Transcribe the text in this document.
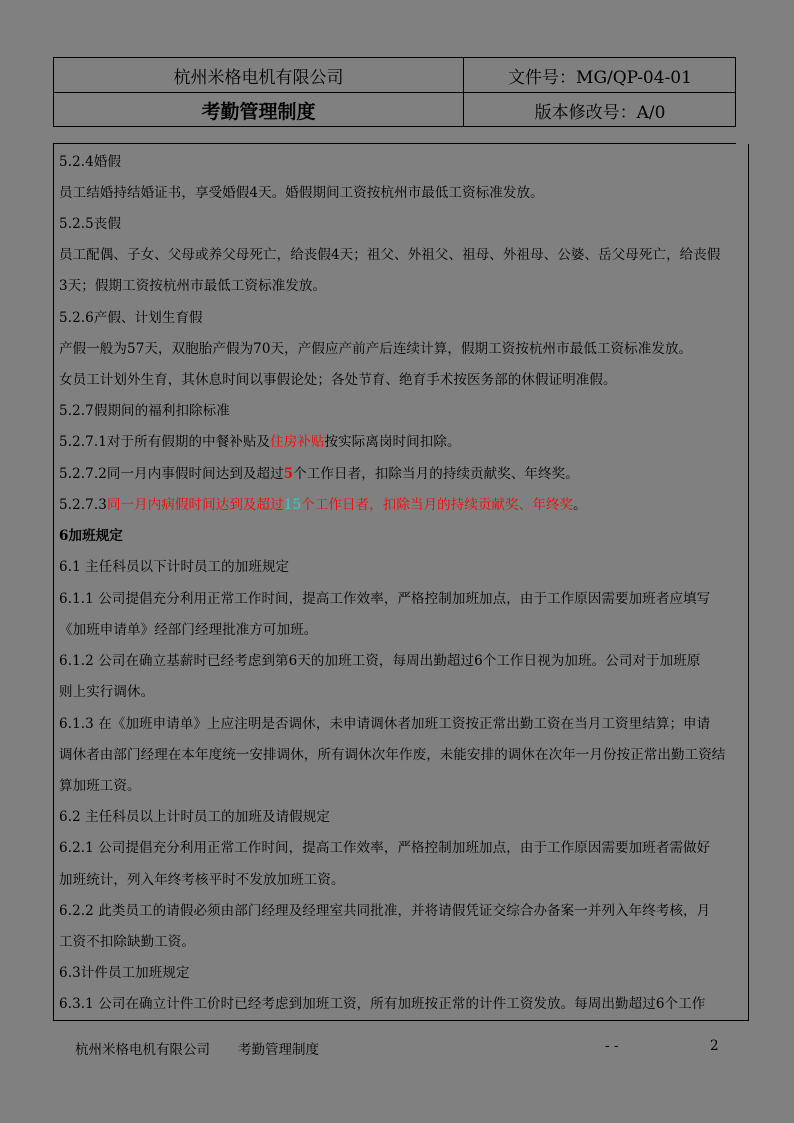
杭州米格电机有限公司	文件号：MG/QP-04-01
考勤管理制度	版本修改号：A/0
5.2.4婚假
员工结婚持结婚证书，享受婚假4天。婚假期间工资按杭州市最低工资标准发放。
5.2.5丧假
员工配偶、子女、父母或养父母死亡，给丧假4天；祖父、外祖父、祖母、外祖母、公婆、岳父母死亡，给丧假
3天；假期工资按杭州市最低工资标准发放。
5.2.6产假、计划生育假
产假一般为57天，双胞胎产假为70天，产假应产前产后连续计算，假期工资按杭州市最低工资标准发放。
女员工计划外生育，其休息时间以事假论处；各处节育、绝育手术按医务部的休假证明准假。
5.2.7假期间的福利扣除标准
5.2.7.1对于所有假期的中餐补贴及住房补贴按实际离岗时间扣除。
5.2.7.2同一月内事假时间达到及超过5个工作日者，扣除当月的持续贡献奖、年终奖。
5.2.7.3同一月内病假时间达到及超过15个工作日者，扣除当月的持续贡献奖、年终奖。
6加班规定
6.1 主任科员以下计时员工的加班规定
6.1.1 公司提倡充分利用正常工作时间，提高工作效率，严格控制加班加点，由于工作原因需要加班者应填写
《加班申请单》经部门经理批准方可加班。
6.1.2 公司在确立基薪时已经考虑到第6天的加班工资，每周出勤超过6个工作日视为加班。公司对于加班原
则上实行调休。
6.1.3 在《加班申请单》上应注明是否调休，未申请调休者加班工资按正常出勤工资在当月工资里结算；申请
调休者由部门经理在本年度统一安排调休，所有调休次年作废，未能安排的调休在次年一月份按正常出勤工资结
算加班工资。
6.2 主任科员以上计时员工的加班及请假规定
6.2.1 公司提倡充分利用正常工作时间，提高工作效率，严格控制加班加点，由于工作原因需要加班者需做好
加班统计，列入年终考核平时不发放加班工资。
6.2.2 此类员工的请假必须由部门经理及经理室共同批准，并将请假凭证交综合办备案一并列入年终考核，月
工资不扣除缺勤工资。
6.3计件员工加班规定
6.3.1 公司在确立计件工价时已经考虑到加班工资，所有加班按正常的计件工资发放。每周出勤超过6个工作
杭州米格电机有限公司 考勤管理制度	- -	2
